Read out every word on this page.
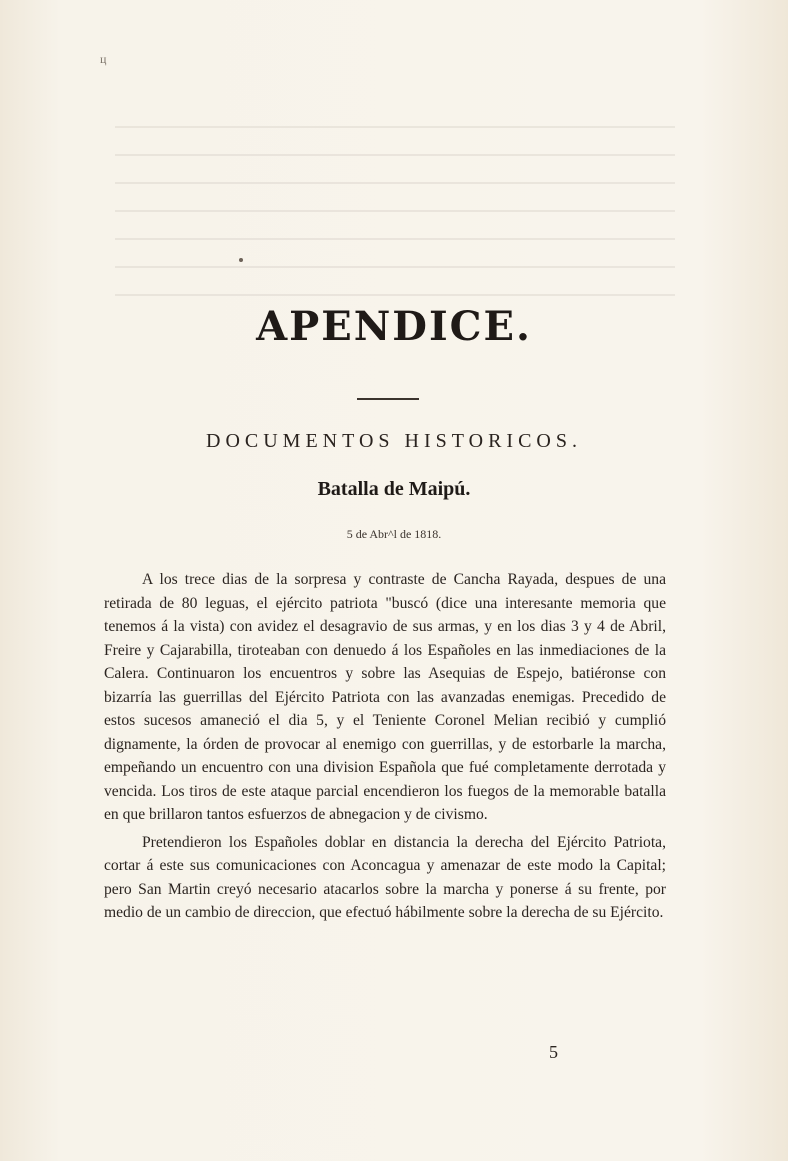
ц
APENDICE.
DOCUMENTOS HISTORICOS.
Batalla de Maipú.
5 de Abr^l de 1818.

A los trece dias de la sorpresa y contraste de Cancha Rayada, despues de una retirada de 80 leguas, el ejército patriota "buscó (dice una interesante memoria que tenemos á la vista) con avidez el desagravio de sus armas, y en los dias 3 y 4 de Abril, Freire y Cajarabilla, tiroteaban con denuedo á los Españoles en las inmediaciones de la Calera. Continuaron los encuentros y sobre las Asequias de Espejo, batiéronse con bizarría las guerrillas del Ejército Patriota con las avanzadas enemigas. Precedido de estos sucesos amaneció el dia 5, y el Teniente Coronel Melian recibió y cumplió dignamente, la órden de provocar al enemigo con guerrillas, y de estorbarle la marcha, empeñando un encuentro con una division Española que fué completamente derrotada y vencida. Los tiros de este ataque parcial encendieron los fuegos de la memorable batalla en que brillaron tantos esfuerzos de abnegacion y de civismo.

Pretendieron los Españoles doblar en distancia la derecha del Ejército Patriota, cortar á este sus comunicaciones con Aconcagua y amenazar de este modo la Capital; pero San Martin creyó necesario atacarlos sobre la marcha y ponerse á su frente, por medio de un cambio de direccion, que efectuó hábilmente sobre la derecha de su Ejército.

5
